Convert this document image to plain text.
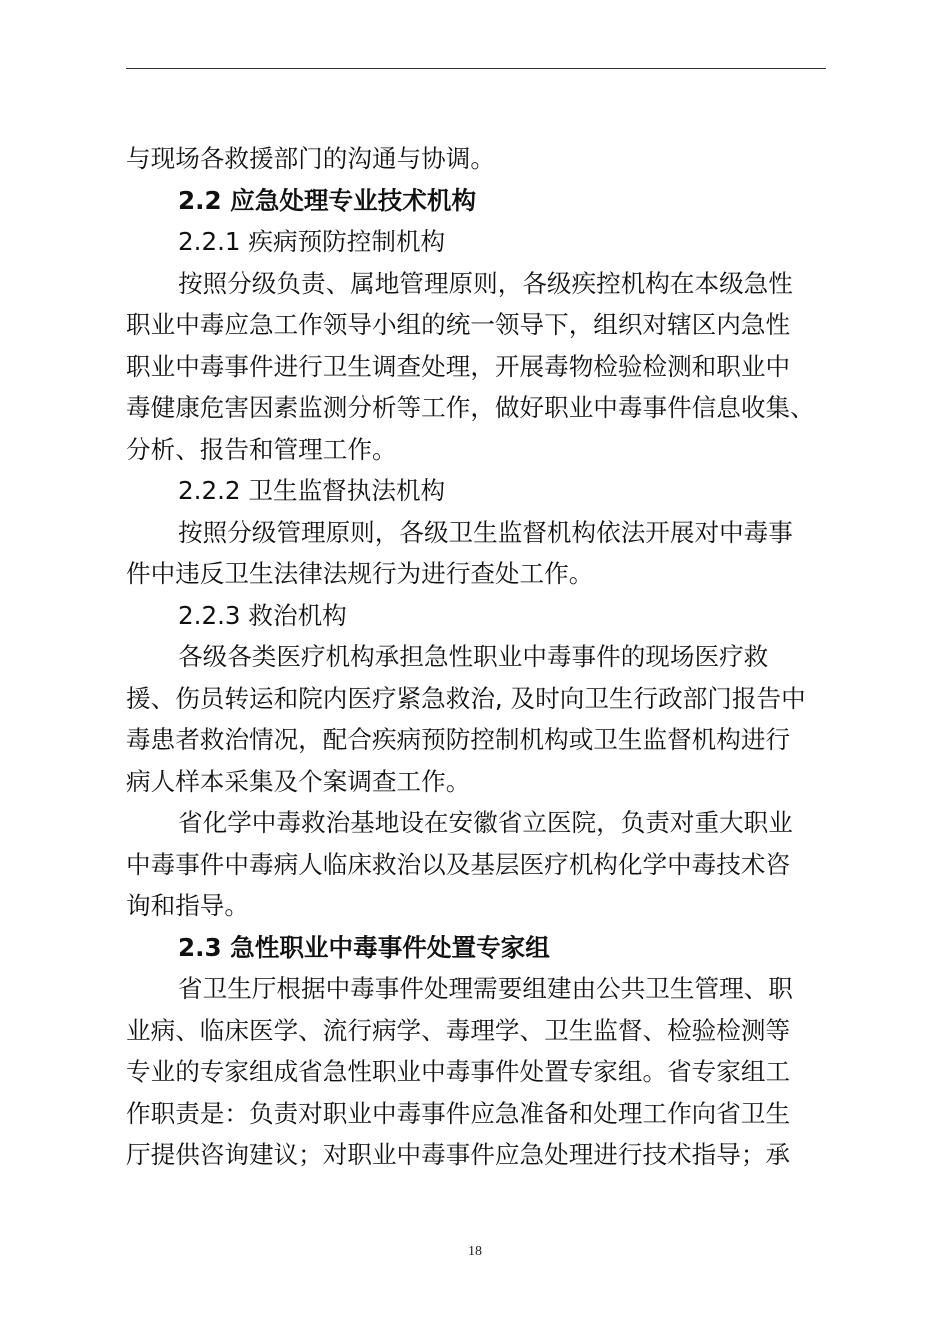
与现场各救援部门的沟通与协调。
2.2 应急处理专业技术机构
2.2.1 疾病预防控制机构
按照分级负责、属地管理原则，各级疾控机构在本级急性
职业中毒应急工作领导小组的统一领导下，组织对辖区内急性
职业中毒事件进行卫生调查处理，开展毒物检验检测和职业中
毒健康危害因素监测分析等工作，做好职业中毒事件信息收集、
分析、报告和管理工作。
2.2.2 卫生监督执法机构
按照分级管理原则，各级卫生监督机构依法开展对中毒事
件中违反卫生法律法规行为进行查处工作。
2.2.3 救治机构
各级各类医疗机构承担急性职业中毒事件的现场医疗救
援、伤员转运和院内医疗紧急救治, 及时向卫生行政部门报告中
毒患者救治情况，配合疾病预防控制机构或卫生监督机构进行
病人样本采集及个案调查工作。
省化学中毒救治基地设在安徽省立医院，负责对重大职业
中毒事件中毒病人临床救治以及基层医疗机构化学中毒技术咨
询和指导。
2.3 急性职业中毒事件处置专家组
省卫生厅根据中毒事件处理需要组建由公共卫生管理、职
业病、临床医学、流行病学、毒理学、卫生监督、检验检测等
专业的专家组成省急性职业中毒事件处置专家组。省专家组工
作职责是：负责对职业中毒事件应急准备和处理工作向省卫生
厅提供咨询建议；对职业中毒事件应急处理进行技术指导；承
18
